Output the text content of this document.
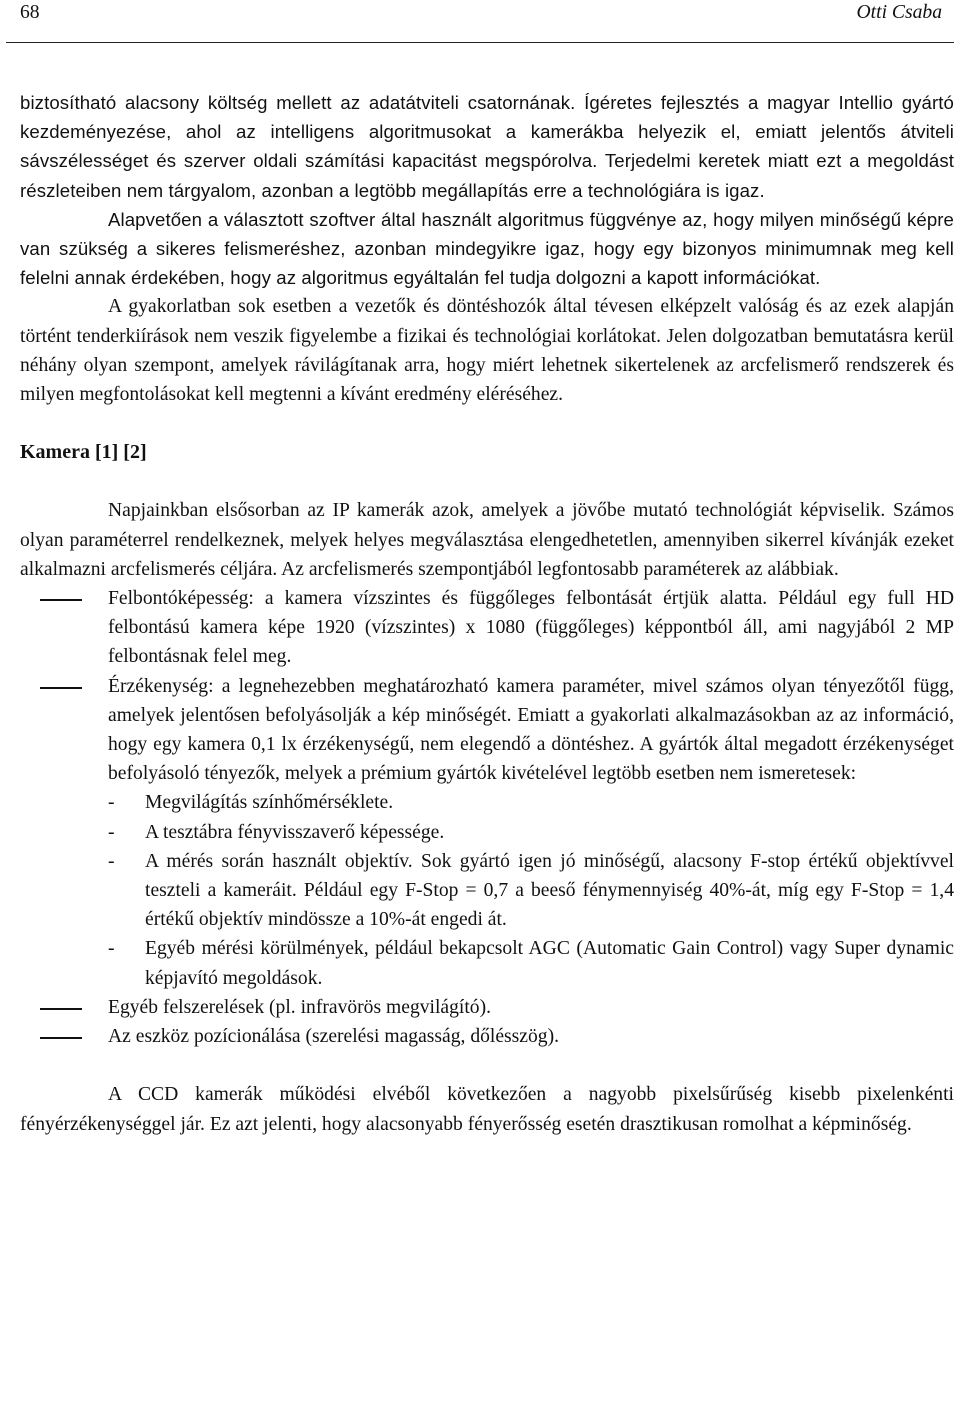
68	Otti Csaba

biztosítható alacsony költség mellett az adatátviteli csatornának. Ígéretes fejlesztés a magyar Intellio gyártó kezdeményezése, ahol az intelligens algoritmusokat a kamerákba helyezik el, emiatt jelentős átviteli sávszélességet és szerver oldali számítási kapacitást megspórolva. Terjedelmi keretek miatt ezt a megoldást részleteiben nem tárgyalom, azonban a legtöbb megállapítás erre a technológiára is igaz.

Alapvetően a választott szoftver által használt algoritmus függvénye az, hogy milyen minőségű képre van szükség a sikeres felismeréshez, azonban mindegyikre igaz, hogy egy bizonyos minimumnak meg kell felelni annak érdekében, hogy az algoritmus egyáltalán fel tudja dolgozni a kapott információkat.

A gyakorlatban sok esetben a vezetők és döntéshozók által tévesen elképzelt valóság és az ezek alapján történt tenderkiírások nem veszik figyelembe a fizikai és technológiai korlátokat. Jelen dolgozatban bemutatásra kerül néhány olyan szempont, amelyek rávilágítanak arra, hogy miért lehetnek sikertelenek az arcfelismerő rendszerek és milyen megfontolásokat kell megtenni a kívánt eredmény eléréséhez.

Kamera [1] [2]

Napjainkban elsősorban az IP kamerák azok, amelyek a jövőbe mutató technológiát képviselik. Számos olyan paraméterrel rendelkeznek, melyek helyes megválasztása elengedhetetlen, amennyiben sikerrel kívánják ezeket alkalmazni arcfelismerés céljára. Az arcfelismerés szempontjából legfontosabb paraméterek az alábbiak.

Felbontóképesség: a kamera vízszintes és függőleges felbontását értjük alatta. Például egy full HD felbontású kamera képe 1920 (vízszintes) x 1080 (függőleges) képpontból áll, ami nagyjából 2 MP felbontásnak felel meg.
Érzékenység: a legnehezebben meghatározható kamera paraméter, mivel számos olyan tényezőtől függ, amelyek jelentősen befolyásolják a kép minőségét. Emiatt a gyakorlati alkalmazásokban az az információ, hogy egy kamera 0,1 lx érzékenységű, nem elegendő a döntéshez. A gyártók által megadott érzékenységet befolyásoló tényezők, melyek a prémium gyártók kivételével legtöbb esetben nem ismeretesek:
- Megvilágítás színhőmérséklete.
- A tesztábra fényvisszaverő képessége.
- A mérés során használt objektív. Sok gyártó igen jó minőségű, alacsony F-stop értékű objektívvel teszteli a kameráit. Például egy F-Stop = 0,7 a beeső fénymennyiség 40%-át, míg egy F-Stop = 1,4 értékű objektív mindössze a 10%-át engedi át.
- Egyéb mérési körülmények, például bekapcsolt AGC (Automatic Gain Control) vagy Super dynamic képjavító megoldások.
Egyéb felszerelések (pl. infravörös megvilágító).
Az eszköz pozícionálása (szerelési magasság, dőlésszög).

A CCD kamerák működési elvéből következően a nagyobb pixelsűrűség kisebb pixelenkénti fényérzékenységgel jár. Ez azt jelenti, hogy alacsonyabb fényerősség esetén drasztikusan romolhat a képminőség.
